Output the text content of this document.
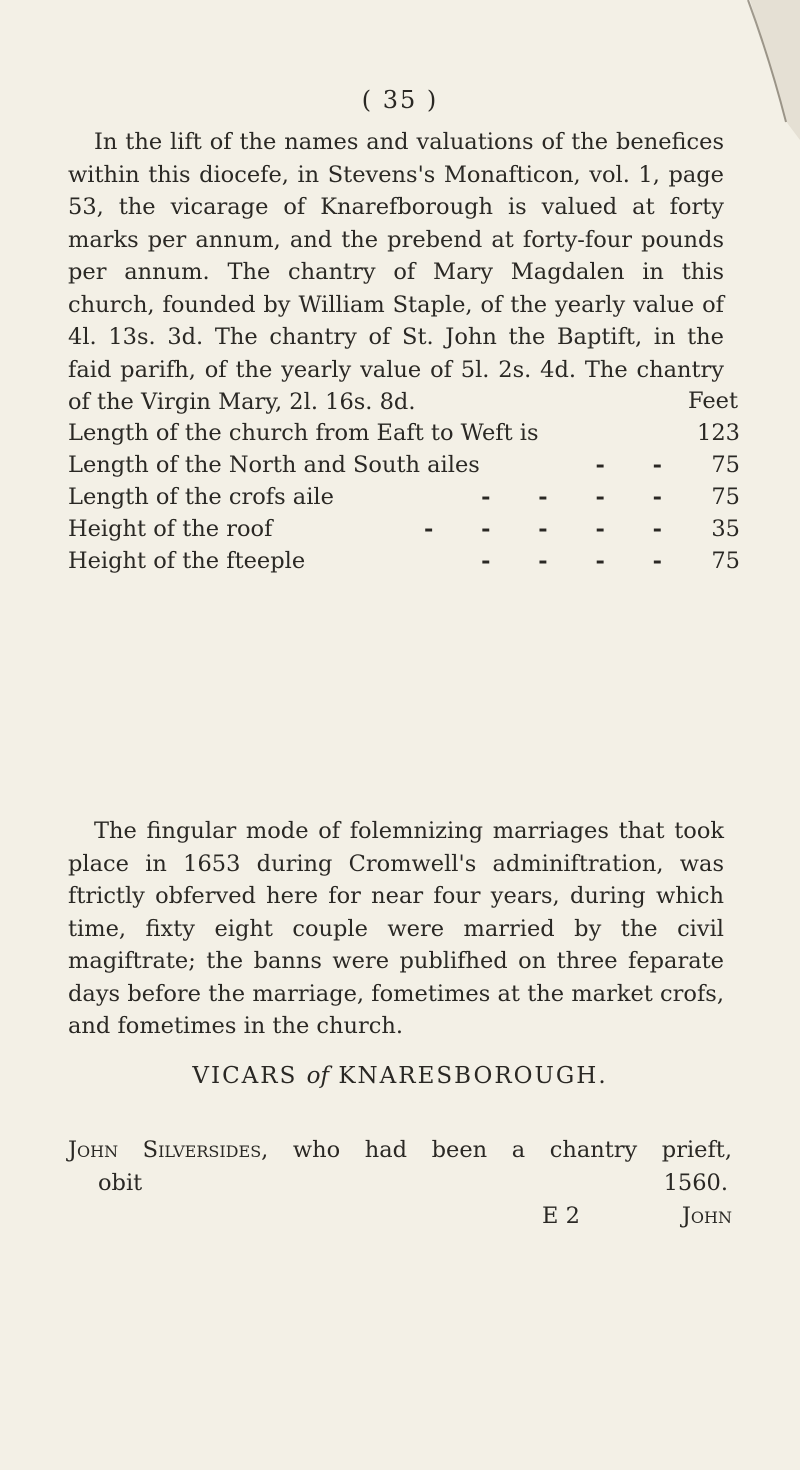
( 35 )

In the lift of the names and valuations of the benefices within this diocefe, in Stevens's Monafticon, vol. 1, page 53, the vicarage of Knarefborough is valued at forty marks per annum, and the prebend at forty-four pounds per annum. The chantry of Mary Magdalen in this church, founded by William Staple, of the yearly value of 4l. 13s. 3d. The chantry of St. John the Baptift, in the faid parifh, of the yearly value of 5l. 2s. 4d. The chantry of the Virgin Mary, 2l. 16s. 8d.	Feet
Length of the church from Eaft to Weft is	123
Length of the North and South ailes	- -	75
Length of the crofs aile	- - - -	75
Height of the roof	- - - - -	35
Height of the fteeple	- - - -	75

The fingular mode of folemnizing marriages that took place in 1653 during Cromwell's adminiftration, was ftrictly obferved here for near four years, during which time, fixty eight couple were married by the civil magiftrate; the banns were publifhed on three feparate days before the marriage, fometimes at the market crofs, and fometimes in the church.

VICARS of KNARESBOROUGH.
John Silversides, who had been a chantry prieft,
obit	1560.
E 2	John
